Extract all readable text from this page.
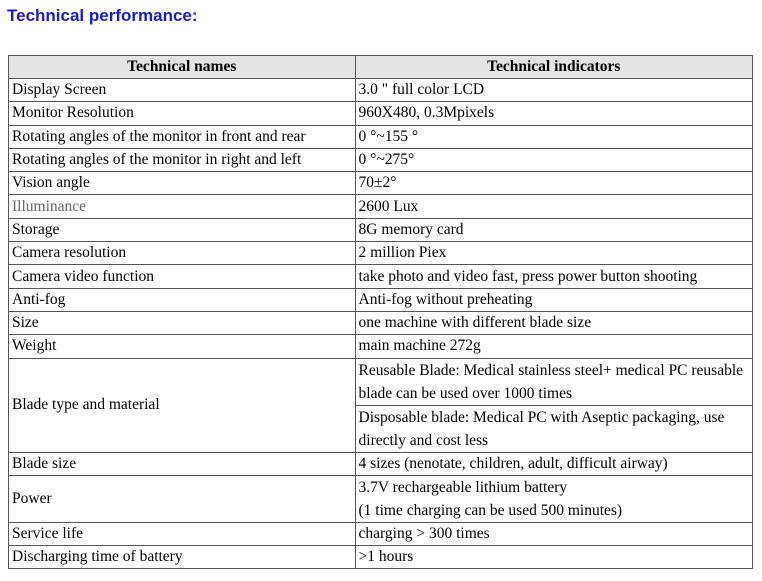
Technical performance:
Technical names	Technical indicators
Display Screen	3.0 " full color LCD
Monitor Resolution	960X480, 0.3Mpixels
Rotating angles of the monitor in front and rear	0 °~155 °
Rotating angles of the monitor in right and left	0 °~275°
Vision angle	70±2°
Illuminance	2600 Lux
Storage	8G memory card
Camera resolution	2 million Piex
Camera video function	take photo and video fast, press power button shooting
Anti-fog	Anti-fog without preheating
Size	one machine with different blade size
Weight	main machine 272g
Blade type and material	Reusable Blade: Medical stainless steel+ medical PC reusable blade can be used over 1000 times
	Disposable blade: Medical PC with Aseptic packaging, use directly and cost less
Blade size	4 sizes (nenotate, children, adult, difficult airway)
Power	3.7V rechargeable lithium battery
(1 time charging can be used 500 minutes)

Service life	charging > 300 times
Discharging time of battery	>1 hours
